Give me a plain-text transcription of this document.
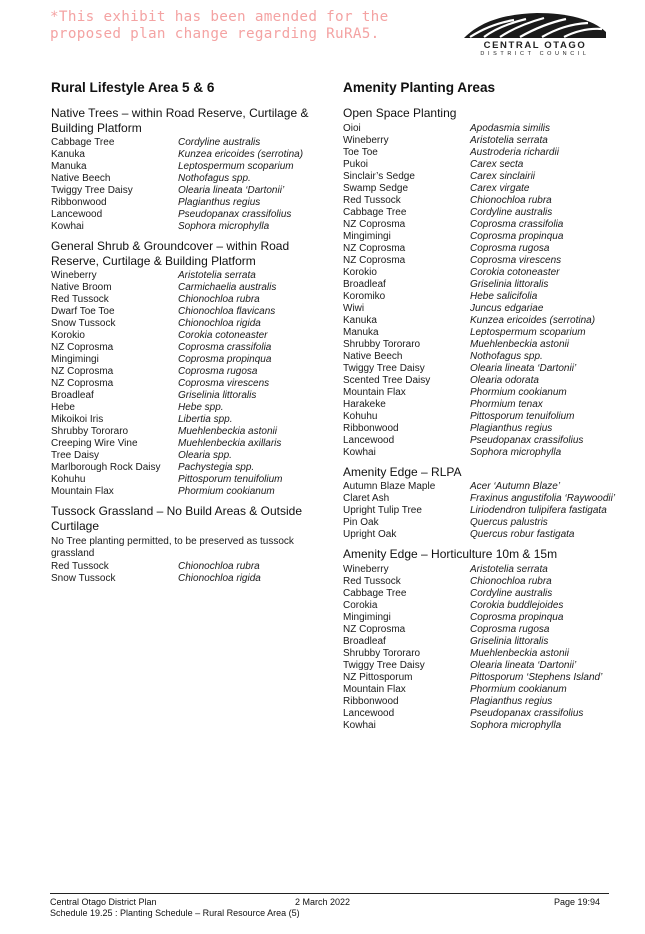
*This exhibit has been amended for the proposed plan change regarding RuRA5.
CENTRAL OTAGO
DISTRICT COUNCIL
Rural Lifestyle Area 5 & 6
Native Trees – within Road Reserve, Curtilage & Building Platform
Cabbage Tree	Cordyline australis
Kanuka	Kunzea ericoides (serrotina)
Manuka	Leptospermum scoparium
Native Beech	Nothofagus spp.
Twiggy Tree Daisy	Olearia lineata ‘Dartonii’
Ribbonwood	Plagianthus regius
Lancewood	Pseudopanax crassifolius
Kowhai	Sophora microphylla
General Shrub & Groundcover – within Road Reserve, Curtilage & Building Platform
Wineberry	Aristotelia serrata
Native Broom	Carmichaelia australis
Red Tussock	Chionochloa rubra
Dwarf Toe Toe	Chionochloa flavicans
Snow Tussock	Chionochloa rigida
Korokio	Corokia cotoneaster
NZ Coprosma	Coprosma crassifolia
Mingimingi	Coprosma propinqua
NZ Coprosma	Coprosma rugosa
NZ Coprosma	Coprosma virescens
Broadleaf	Griselinia littoralis
Hebe	Hebe spp.
Mikoikoi Iris	Libertia spp.
Shrubby Tororaro	Muehlenbeckia astonii
Creeping Wire Vine	Muehlenbeckia axillaris
Tree Daisy	Olearia spp.
Marlborough Rock Daisy	Pachystegia spp.
Kohuhu	Pittosporum tenuifolium
Mountain Flax	Phormium cookianum
Tussock Grassland – No Build Areas & Outside Curtilage
No Tree planting permitted, to be preserved as tussock grassland
Red Tussock	Chionochloa rubra
Snow Tussock	Chionochloa rigida
Amenity Planting Areas
Open Space Planting
Oioi	Apodasmia similis
Wineberry	Aristotelia serrata
Toe Toe	Austroderia richardii
Pukoi	Carex secta
Sinclair’s Sedge	Carex sinclairii
Swamp Sedge	Carex virgate
Red Tussock	Chionochloa rubra
Cabbage Tree	Cordyline australis
NZ Coprosma	Coprosma crassifolia
Mingimingi	Coprosma propinqua
NZ Coprosma	Coprosma rugosa
NZ Coprosma	Coprosma virescens
Korokio	Corokia cotoneaster
Broadleaf	Griselinia littoralis
Koromiko	Hebe salicifolia
Wiwi	Juncus edgariae
Kanuka	Kunzea ericoides (serrotina)
Manuka	Leptospermum scoparium
Shrubby Tororaro	Muehlenbeckia astonii
Native Beech	Nothofagus spp.
Twiggy Tree Daisy	Olearia lineata ‘Dartonii’
Scented Tree Daisy	Olearia odorata
Mountain Flax	Phormium cookianum
Harakeke	Phormium tenax
Kohuhu	Pittosporum tenuifolium
Ribbonwood	Plagianthus regius
Lancewood	Pseudopanax crassifolius
Kowhai	Sophora microphylla
Amenity Edge – RLPA
Autumn Blaze Maple	Acer ‘Autumn Blaze’
Claret Ash	Fraxinus angustifolia ‘Raywoodii’
Upright Tulip Tree	Liriodendron tulipifera fastigata
Pin Oak	Quercus palustris
Upright Oak	Quercus robur fastigata
Amenity Edge – Horticulture 10m & 15m
Wineberry	Aristotelia serrata
Red Tussock	Chionochloa rubra
Cabbage Tree	Cordyline australis
Corokia	Corokia buddlejoides
Mingimingi	Coprosma propinqua
NZ Coprosma	Coprosma rugosa
Broadleaf	Griselinia littoralis
Shrubby Tororaro	Muehlenbeckia astonii
Twiggy Tree Daisy	Olearia lineata ‘Dartonii’
NZ Pittosporum	Pittosporum ‘Stephens Island’
Mountain Flax	Phormium cookianum
Ribbonwood	Plagianthus regius
Lancewood	Pseudopanax crassifolius
Kowhai	Sophora microphylla
Central Otago District Plan
Schedule 19.25 : Planting Schedule – Rural Resource Area (5)
2 March 2022	Page 19:94
